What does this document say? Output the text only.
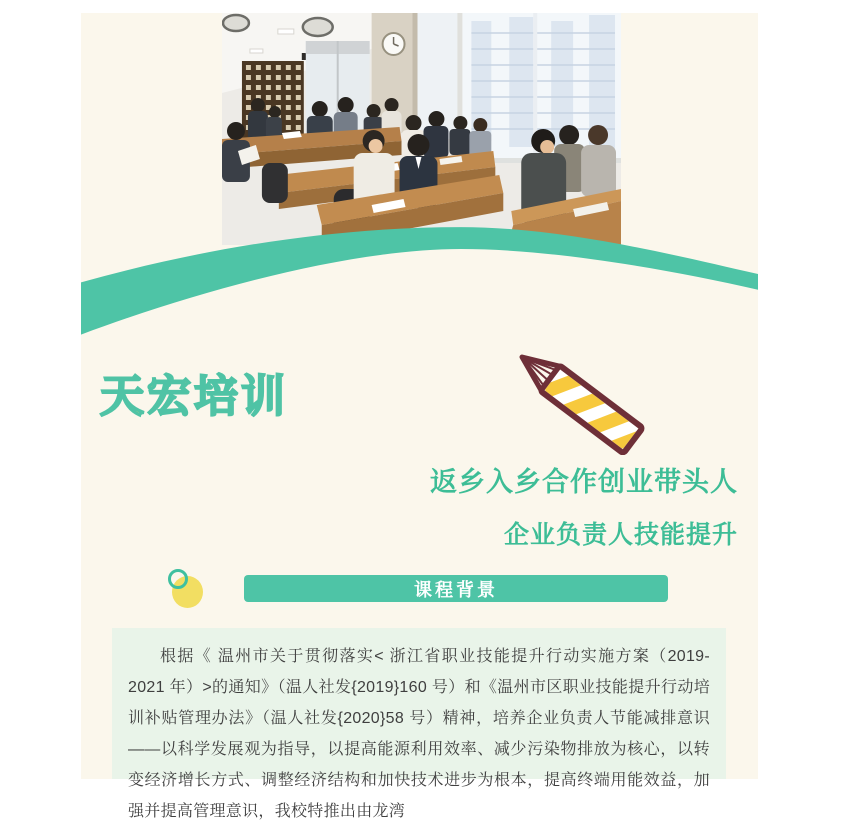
天宏培训
返乡入乡合作创业带头人
企业负责人技能提升
课程背景

根据《 温州市关于贯彻落实< 浙江省职业技能提升行动实施方案（2019-2021 年）>的通知》（温人社发{2019}160 号）和《温州市区职业技能提升行动培训补贴管理办法》（温人社发{2020}58 号）精神，培养企业负责人节能减排意识——以科学发展观为指导，以提高能源利用效率、减少污染物排放为核心，以转变经济增长方式、调整经济结构和加快技术进步为根本，提高终端用能效益，加强并提高管理意识，我校特推出由龙湾
